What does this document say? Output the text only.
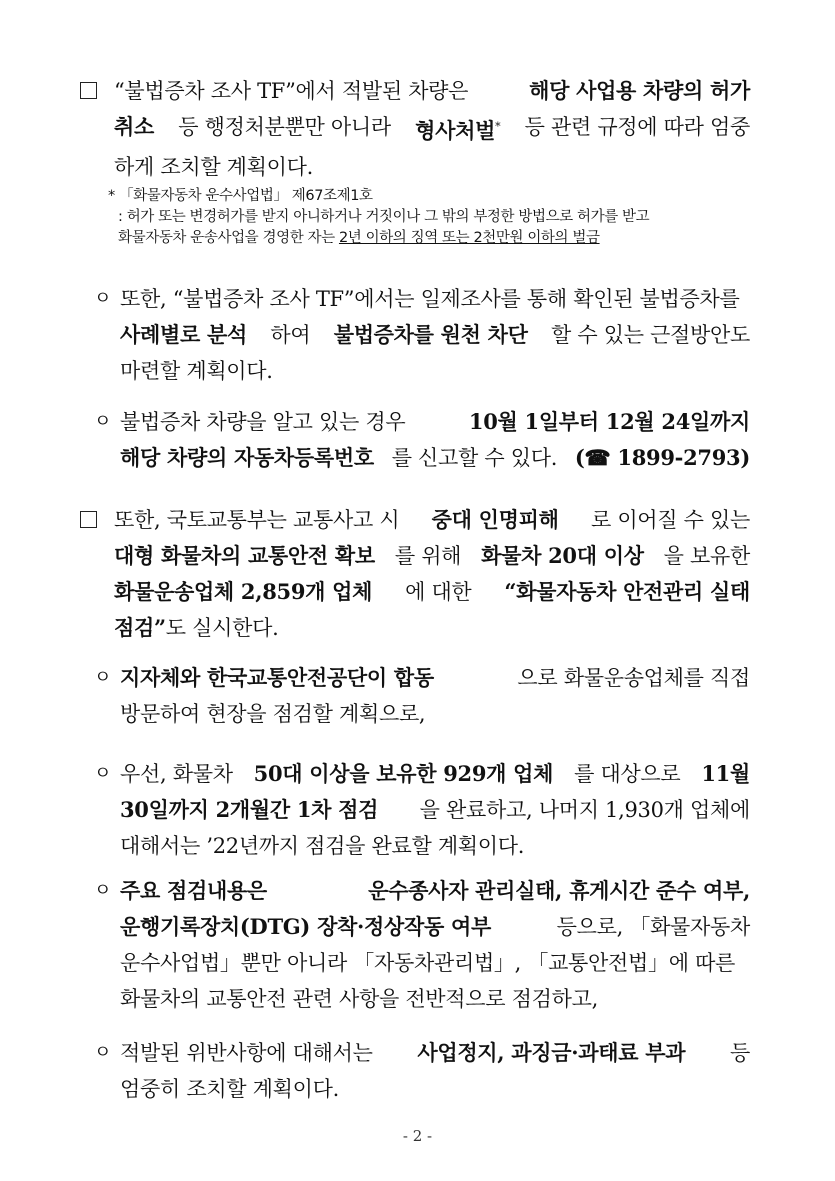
“불법증차 조사 TF”에서 적발된 차량은	해당 사업용 차량의 허가
취소 등 행정처분뿐만 아니라 형사처벌* 등 관련 규정에 따라 엄중
하게 조치할 계획이다.
* 「화물자동차 운수사업법」 제67조제1호
: 허가 또는 변경허가를 받지 아니하거나 거짓이나 그 밖의 부정한 방법으로 허가를 받고
화물자동차 운송사업을 경영한 자는 2년 이하의 징역 또는 2천만원 이하의 벌금
ㅇ 또한, “불법증차 조사 TF”에서는 일제조사를 통해 확인된 불법증차를
사례별로 분석 하여 불법증차를 원천 차단 할 수 있는 근절방안도
마련할 계획이다.
ㅇ 불법증차 차량을 알고 있는 경우	10월 1일부터 12월 24일까지
해당 차량의 자동차등록번호 를 신고할 수 있다. (☎ 1899-2793)
또한, 국토교통부는 교통사고 시 중대 인명피해 로 이어질 수 있는
대형 화물차의 교통안전 확보 를 위해 화물차 20대 이상 을 보유한
화물운송업체 2,859개 업체 에 대한 “화물자동차 안전관리 실태
점검”도 실시한다.
ㅇ 지자체와 한국교통안전공단이 합동	으로 화물운송업체를 직접
방문하여 현장을 점검할 계획으로,
ㅇ 우선, 화물차 50대 이상을 보유한 929개 업체 를 대상으로 11월
30일까지 2개월간 1차 점검 을 완료하고, 나머지 1,930개 업체에
대해서는 ’22년까지 점검을 완료할 계획이다.
ㅇ 주요 점검내용은	운수종사자 관리실태, 휴게시간 준수 여부,
운행기록장치(DTG) 장착·정상작동 여부	등으로, 「화물자동차
운수사업법」뿐만 아니라 「자동차관리법」, 「교통안전법」에 따른
화물차의 교통안전 관련 사항을 전반적으로 점검하고,
ㅇ 적발된 위반사항에 대해서는 사업정지, 과징금·과태료 부과 등
엄중히 조치할 계획이다.
- 2 -
